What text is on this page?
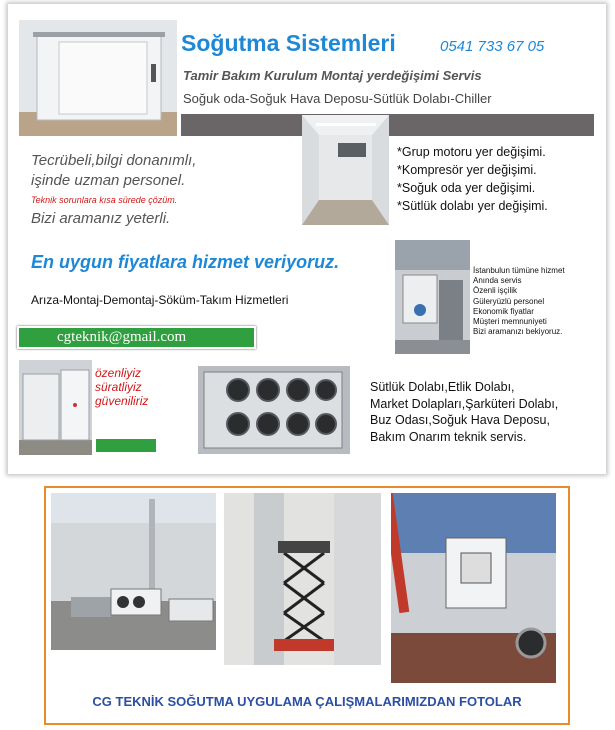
Soğutma Sistemleri	0541 733 67 05
Tamir Bakım Kurulum Montaj yerdeğişimi Servis
Soğuk oda-Soğuk Hava Deposu-Sütlük Dolabı-Chiller
Tecrübeli,bilgi donanımlı,
işinde uzman personel.
Teknik sorunlara kısa sürede çözüm.
Bizi aramanız yeterli.
*Grup motoru yer değişimi.
*Kompresör yer değişimi.
*Soğuk oda yer değişimi.
*Sütlük dolabı yer değişimi.
En uygun fiyatlara hizmet veriyoruz.
Arıza-Montaj-Demontaj-Söküm-Takım Hizmetleri
İstanbulun tümüne hizmet
Anında servis
Özenli işçilik
Güleryüzlü personel
Ekonomik fiyatlar
Müşteri memnuniyeti
Bizi aramanızı bekiyoruz.
cgteknik@gmail.com
özenliyiz
süratliyiz
güveniliriz
Sütlük Dolabı,Etlik Dolabı,
Market Dolapları,Şarküteri Dolabı,
Buz Odası,Soğuk Hava Deposu,
Bakım Onarım teknik servis.
CG TEKNİK SOĞUTMA UYGULAMA ÇALIŞMALARIMIZDAN FOTOLAR
